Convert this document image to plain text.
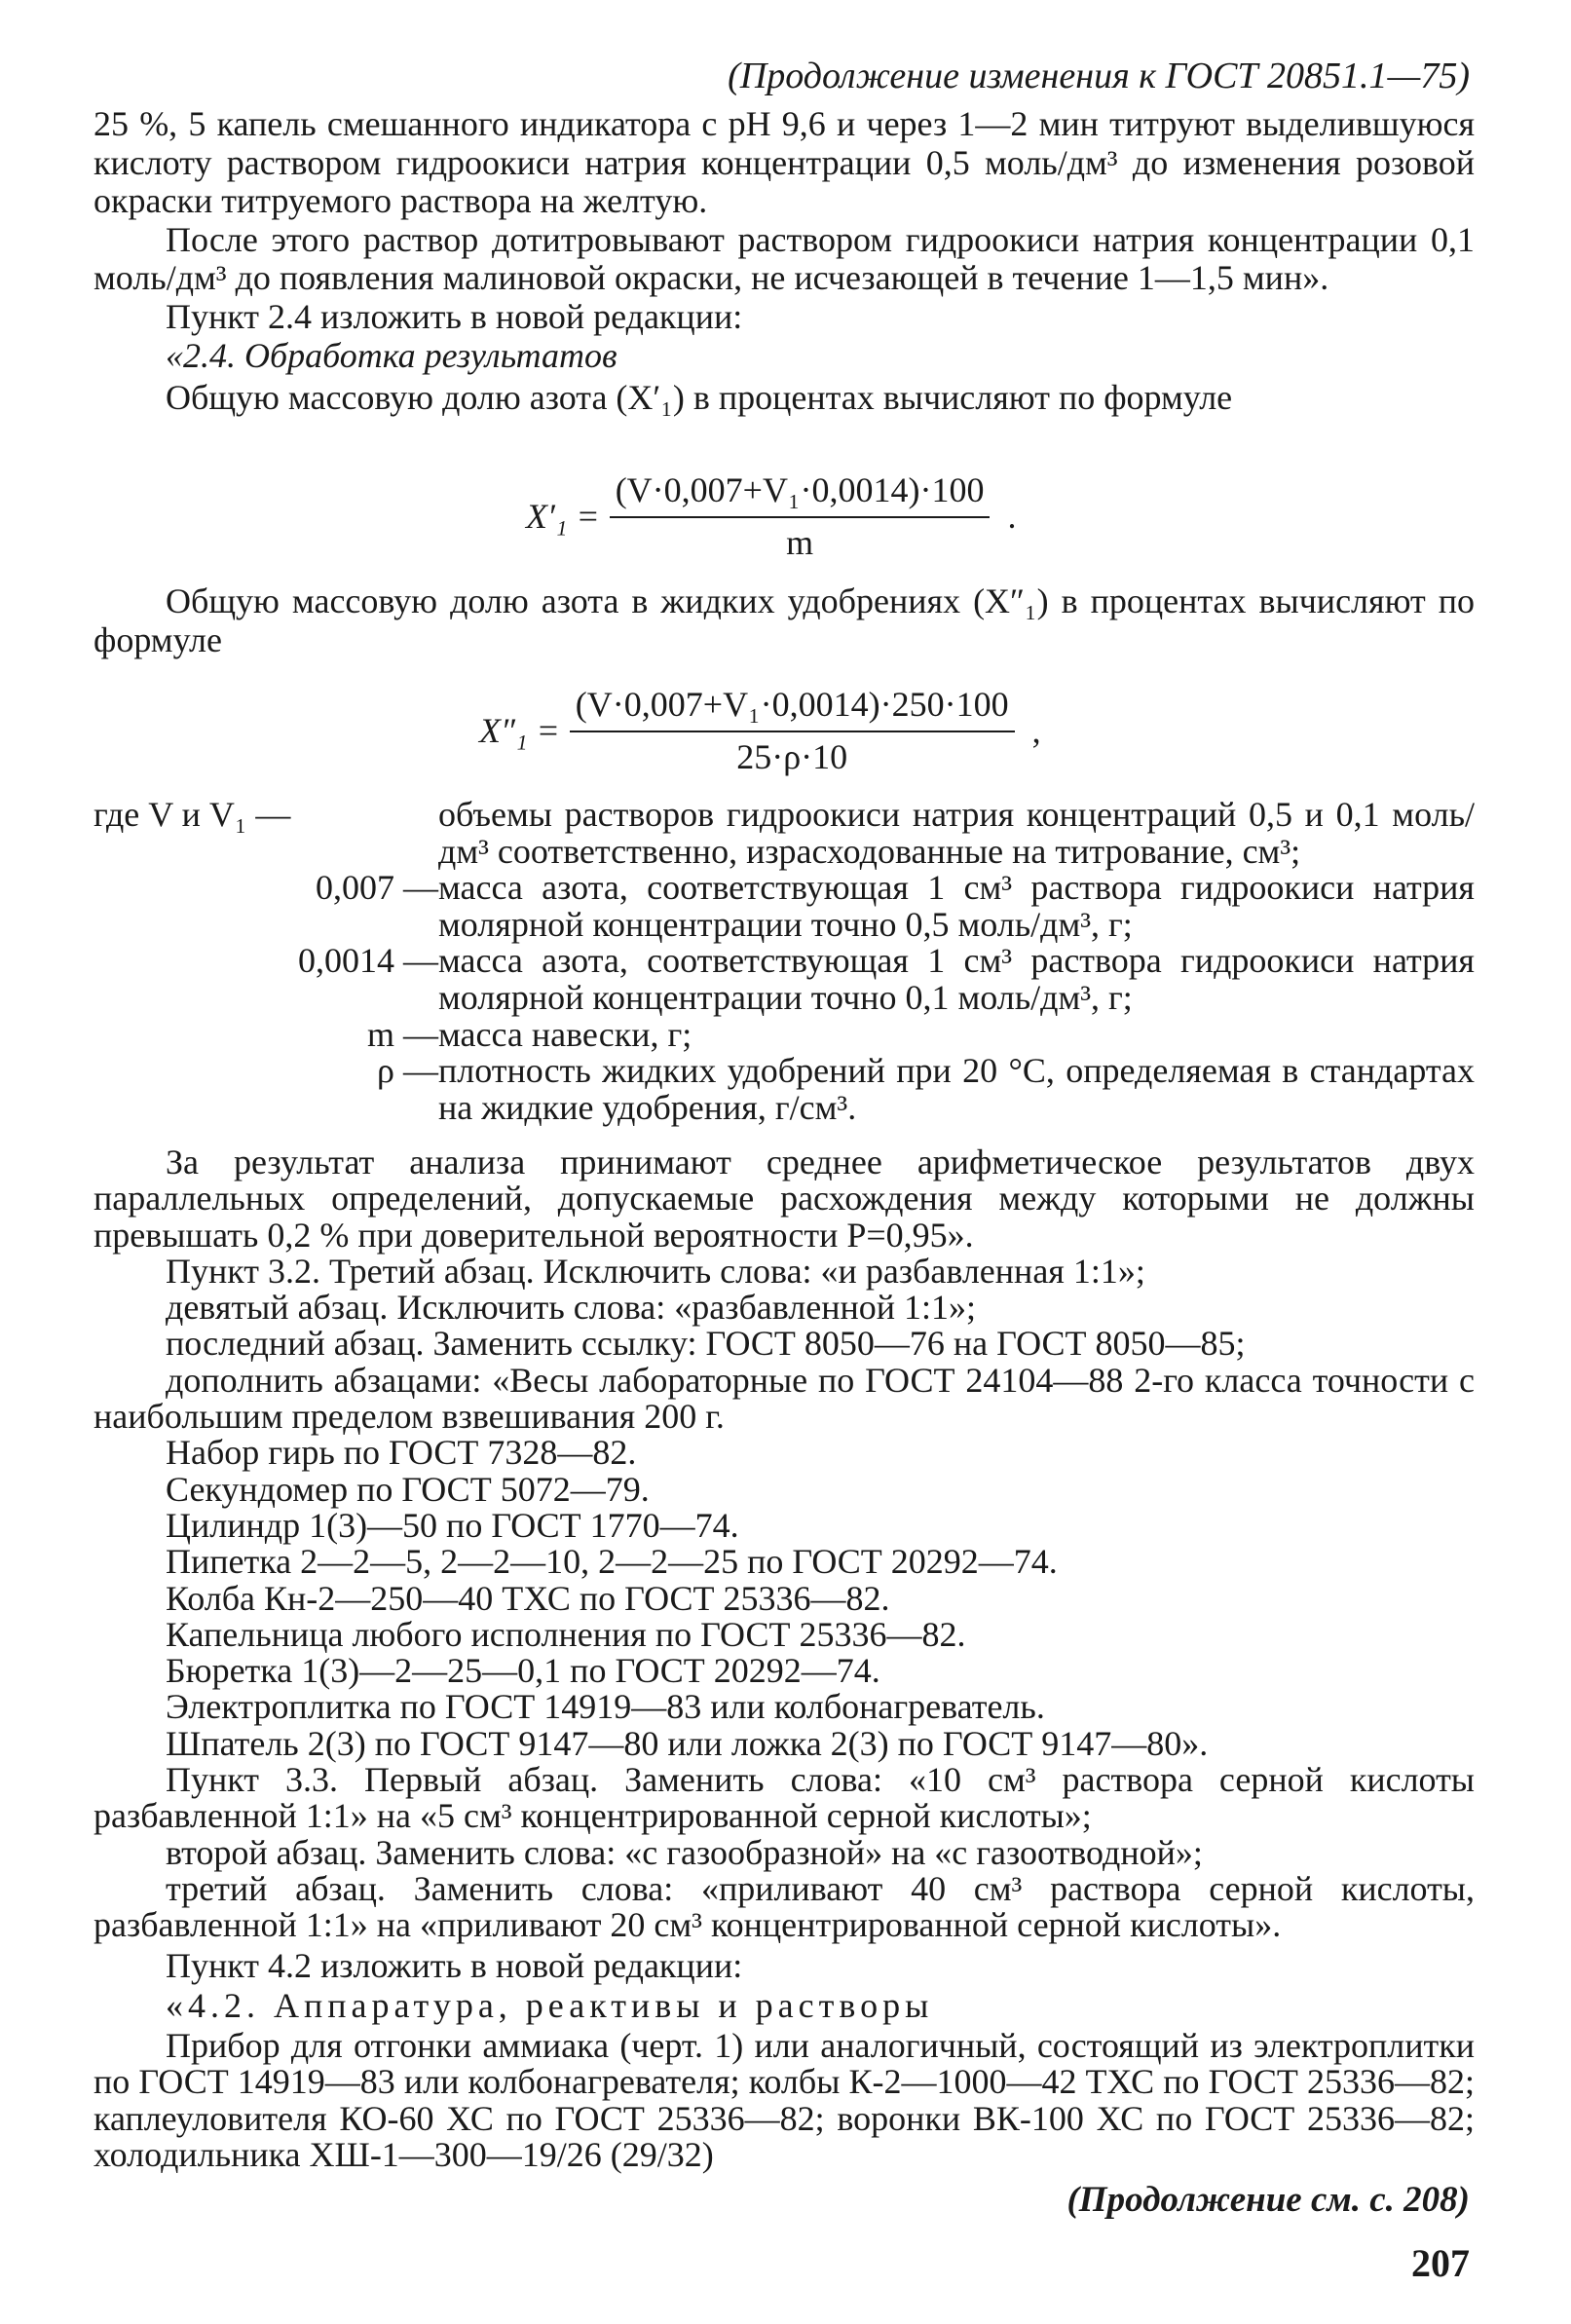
(Продолжение изменения к ГОСТ 20851.1—75)

25 %, 5 капель смешанного индикатора с pH 9,6 и через 1—2 мин титруют выделившуюся кислоту раствором гидроокиси натрия концентрации 0,5 моль/дм³ до изменения розовой окраски титруемого раствора на желтую.

После этого раствор дотитровывают раствором гидроокиси натрия концентрации 0,1 моль/дм³ до появления малиновой окраски, не исчезающей в течение 1—1,5 мин».

Пункт 2.4 изложить в новой редакции:

«2.4. Обработка результатов

Общую массовую долю азота (X′₁) в процентах вычисляют по формуле

$X'_1 = \frac{\text{(V·0,007+V₁·0,0014)·100}}{m}$ .
Общую массовую долю азота в жидких удобрениях (X″₁) в процентах вычисляют по формуле
$X''_1 = \frac{\text{(V·0,007+V₁·0,0014)·250·100}}{25\cdot\rho\cdot 10}$ ,
где V и V₁ —	объемы растворов гидроокиси натрия концентраций 0,5 и 0,1 моль/дм³ соответственно, израсходованные на титрование, см³;
0,007 — масса азота, соответствующая 1 см³ раствора гидроокиси натрия молярной концентрации точно 0,5 моль/дм³, г;
0,0014 — масса азота, соответствующая 1 см³ раствора гидроокиси натрия молярной концентрации точно 0,1 моль/дм³, г;
m — масса навески, г;
ρ — плотность жидких удобрений при 20 °C, определяемая в стандартах на жидкие удобрения, г/см³.

За результат анализа принимают среднее арифметическое результатов двух параллельных определений, допускаемые расхождения между которыми не должны превышать 0,2 % при доверительной вероятности P=0,95».

Пункт 3.2. Третий абзац. Исключить слова: «и разбавленная 1:1»;

девятый абзац. Исключить слова: «разбавленной 1:1»;

последний абзац. Заменить ссылку: ГОСТ 8050—76 на ГОСТ 8050—85;

дополнить абзацами: «Весы лабораторные по ГОСТ 24104—88 2-го класса точности с наибольшим пределом взвешивания 200 г.

Набор гирь по ГОСТ 7328—82.

Секундомер по ГОСТ 5072—79.

Цилиндр 1(3)—50 по ГОСТ 1770—74.

Пипетка 2—2—5, 2—2—10, 2—2—25 по ГОСТ 20292—74.

Колба Кн-2—250—40 ТХС по ГОСТ 25336—82.

Капельница любого исполнения по ГОСТ 25336—82.

Бюретка 1(3)—2—25—0,1 по ГОСТ 20292—74.

Электроплитка по ГОСТ 14919—83 или колбонагреватель.

Шпатель 2(3) по ГОСТ 9147—80 или ложка 2(3) по ГОСТ 9147—80».

Пункт 3.3. Первый абзац. Заменить слова: «10 см³ раствора серной кислоты разбавленной 1:1» на «5 см³ концентрированной серной кислоты»;

второй абзац. Заменить слова: «с газообразной» на «с газоотводной»;

третий абзац. Заменить слова: «приливают 40 см³ раствора серной кислоты, разбавленной 1:1» на «приливают 20 см³ концентрированной серной кислоты».

Пункт 4.2 изложить в новой редакции:

«4.2. Аппаратура, реактивы и растворы

Прибор для отгонки аммиака (черт. 1) или аналогичный, состоящий из электроплитки по ГОСТ 14919—83 или колбонагревателя; колбы К-2—1000—42 ТХС по ГОСТ 25336—82; каплеуловителя КО-60 ХС по ГОСТ 25336—82; воронки ВК-100 ХС по ГОСТ 25336—82; холодильника ХШ-1—300—19/26 (29/32)

(Продолжение см. с. 208)
207
